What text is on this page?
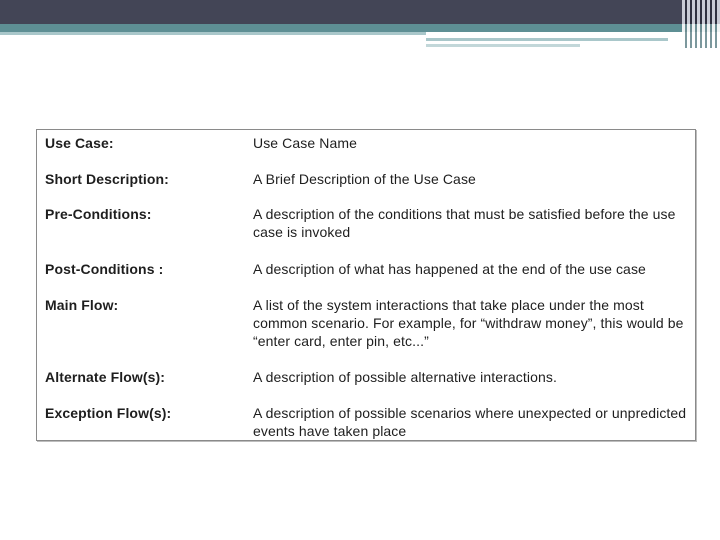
Use Case:	Use Case Name
Short Description:	A Brief Description of the Use Case
Pre-Conditions:	A description of the conditions that must be satisfied before the use case is invoked
Post-Conditions :	A description of what has happened at the end of the use case
Main Flow:	A list of the system interactions that take place under the most common scenario. For example, for “withdraw money”, this would be “enter card, enter pin, etc...”
Alternate Flow(s):	A description of possible alternative interactions.
Exception Flow(s):	A description of possible scenarios where unexpected or unpredicted events have taken place
